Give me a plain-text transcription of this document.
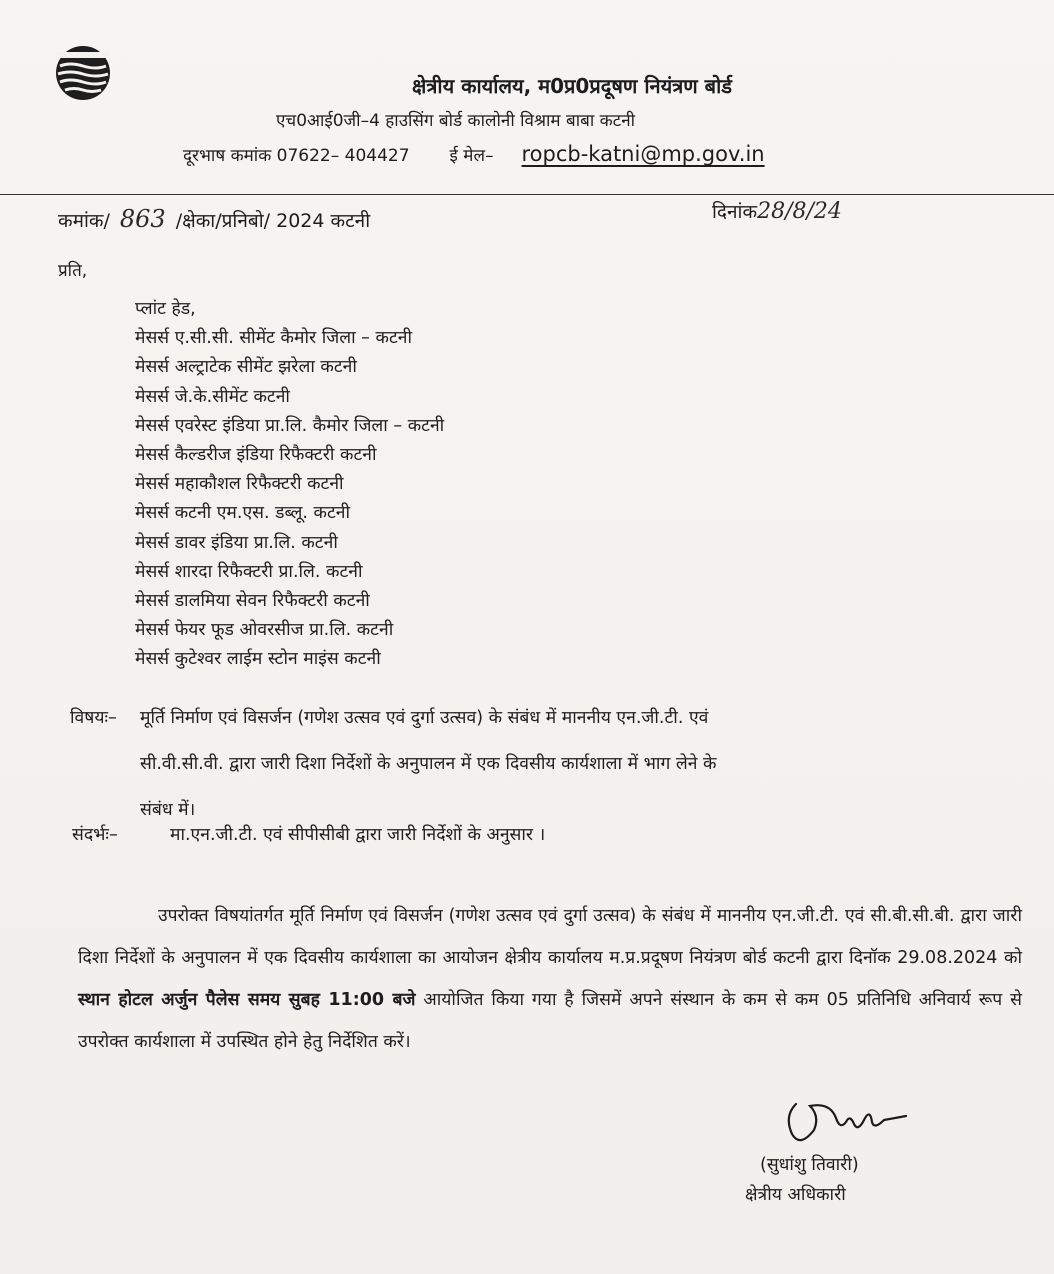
क्षेत्रीय कार्यालय, म0प्र0प्रदूषण नियंत्रण बोर्ड
एच0आई0जी–4 हाउसिंग बोर्ड कालोनी विश्राम बाबा कटनी
दूरभाष कमांक 07622– 404427 ई मेल– ropcb-katni@mp.gov.in
कमांक/ 863 /क्षेका/प्रनिबो/ 2024 कटनी	दिनांक28/8/24
प्रति,
प्लांट हेड,
मेसर्स ए.सी.सी. सीमेंट कैमोर जिला – कटनी
मेसर्स अल्ट्राटेक सीमेंट झरेला कटनी
मेसर्स जे.के.सीमेंट कटनी
मेसर्स एवरेस्ट इंडिया प्रा.लि. कैमोर जिला – कटनी
मेसर्स कैल्डरीज इंडिया रिफैक्टरी कटनी
मेसर्स महाकौशल रिफैक्टरी कटनी
मेसर्स कटनी एम.एस. डब्लू. कटनी
मेसर्स डावर इंडिया प्रा.लि. कटनी
मेसर्स शारदा रिफैक्टरी प्रा.लि. कटनी
मेसर्स डालमिया सेवन रिफैक्टरी कटनी
मेसर्स फेयर फूड ओवरसीज प्रा.लि. कटनी
मेसर्स कुटेश्वर लाईम स्टोन माइंस कटनी
विषयः– मूर्ति निर्माण एवं विसर्जन (गणेश उत्सव एवं दुर्गा उत्सव) के संबंध में माननीय एन.जी.टी. एवं
सी.वी.सी.वी. द्वारा जारी दिशा निर्देशों के अनुपालन में एक दिवसीय कार्यशाला में भाग लेने के
संबंध में।
संदर्भः–	मा.एन.जी.टी. एवं सीपीसीबी द्वारा जारी निर्देशों के अनुसार ।

उपरोक्त विषयांतर्गत मूर्ति निर्माण एवं विसर्जन (गणेश उत्सव एवं दुर्गा उत्सव) के संबंध में माननीय एन.जी.टी. एवं सी.बी.सी.बी. द्वारा जारी दिशा निर्देशों के अनुपालन में एक दिवसीय कार्यशाला का आयोजन क्षेत्रीय कार्यालय म.प्र.प्रदूषण नियंत्रण बोर्ड कटनी द्वारा दिनॉक 29.08.2024 को स्थान होटल अर्जुन पैलेस समय सुबह 11:00 बजे आयोजित किया गया है जिसमें अपने संस्थान के कम से कम 05 प्रतिनिधि अनिवार्य रूप से उपरोक्त कार्यशाला में उपस्थित होने हेतु निर्देशित करें।

(सुधांशु तिवारी)
क्षेत्रीय अधिकारी
